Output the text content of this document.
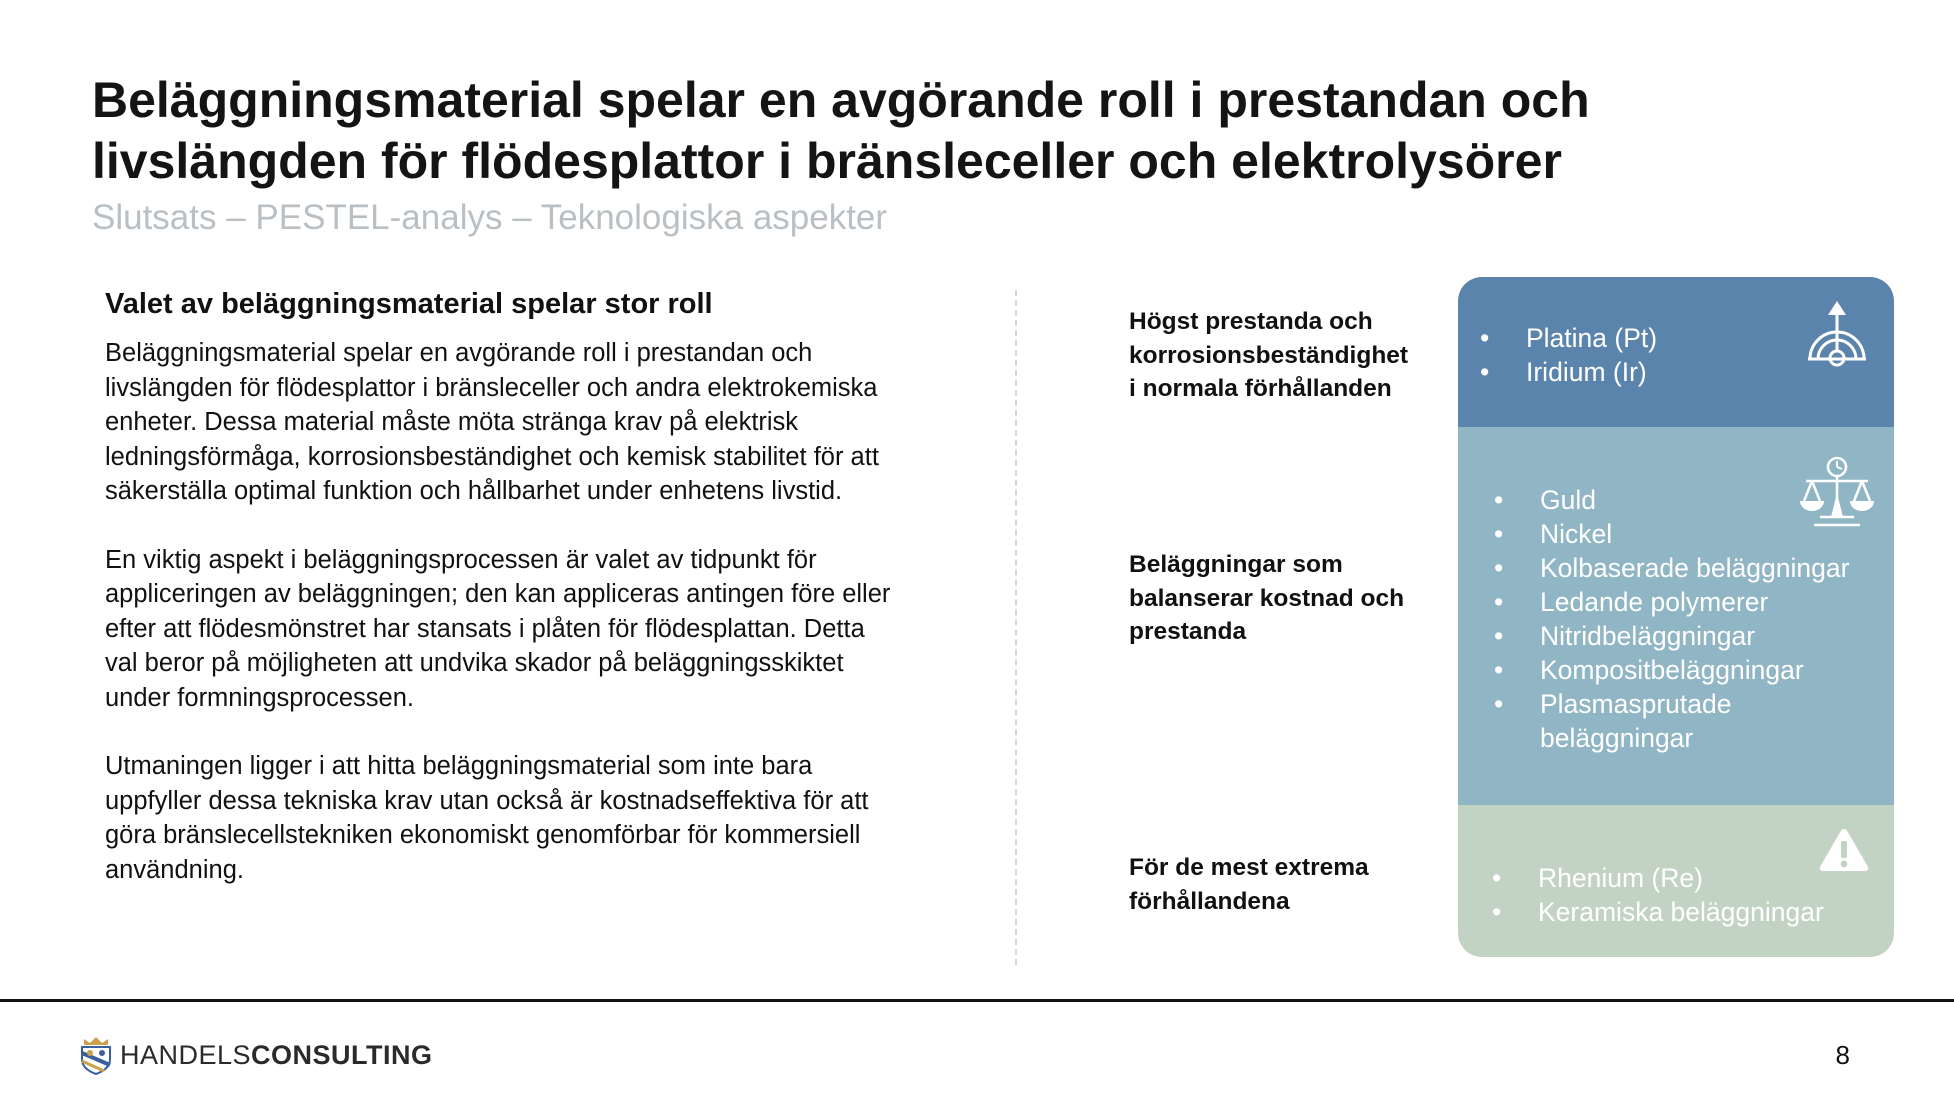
Beläggningsmaterial spelar en avgörande roll i prestandan och
livslängden för flödesplattor i bränsleceller och elektrolysörer
Slutsats – PESTEL-analys – Teknologiska aspekter
Valet av beläggningsmaterial spelar stor roll

Beläggningsmaterial spelar en avgörande roll i prestandan och
livslängden för flödesplattor i bränsleceller och andra elektrokemiska
enheter. Dessa material måste möta stränga krav på elektrisk
ledningsförmåga, korrosionsbeständighet och kemisk stabilitet för att
säkerställa optimal funktion och hållbarhet under enhetens livstid.

En viktig aspekt i beläggningsprocessen är valet av tidpunkt för
appliceringen av beläggningen; den kan appliceras antingen före eller
efter att flödesmönstret har stansats i plåten för flödesplattan. Detta
val beror på möjligheten att undvika skador på beläggningsskiktet
under formningsprocessen.

Utmaningen ligger i att hitta beläggningsmaterial som inte bara
uppfyller dessa tekniska krav utan också är kostnadseffektiva för att
göra bränslecellstekniken ekonomiskt genomförbar för kommersiell
användning.

Högst prestanda och
korrosionsbeständighet
i normala förhållanden
Beläggningar som
balanserar kostnad och
prestanda
För de mest extrema
förhållandena
• Platina (Pt)
• Iridium (Ir)
• Guld
• Nickel
• Kolbaserade beläggningar
• Ledande polymerer
• Nitridbeläggningar
• Kompositbeläggningar
• Plasmasprutade
beläggningar
• Rhenium (Re)
• Keramiska beläggningar
HANDELSCONSULTING	8
